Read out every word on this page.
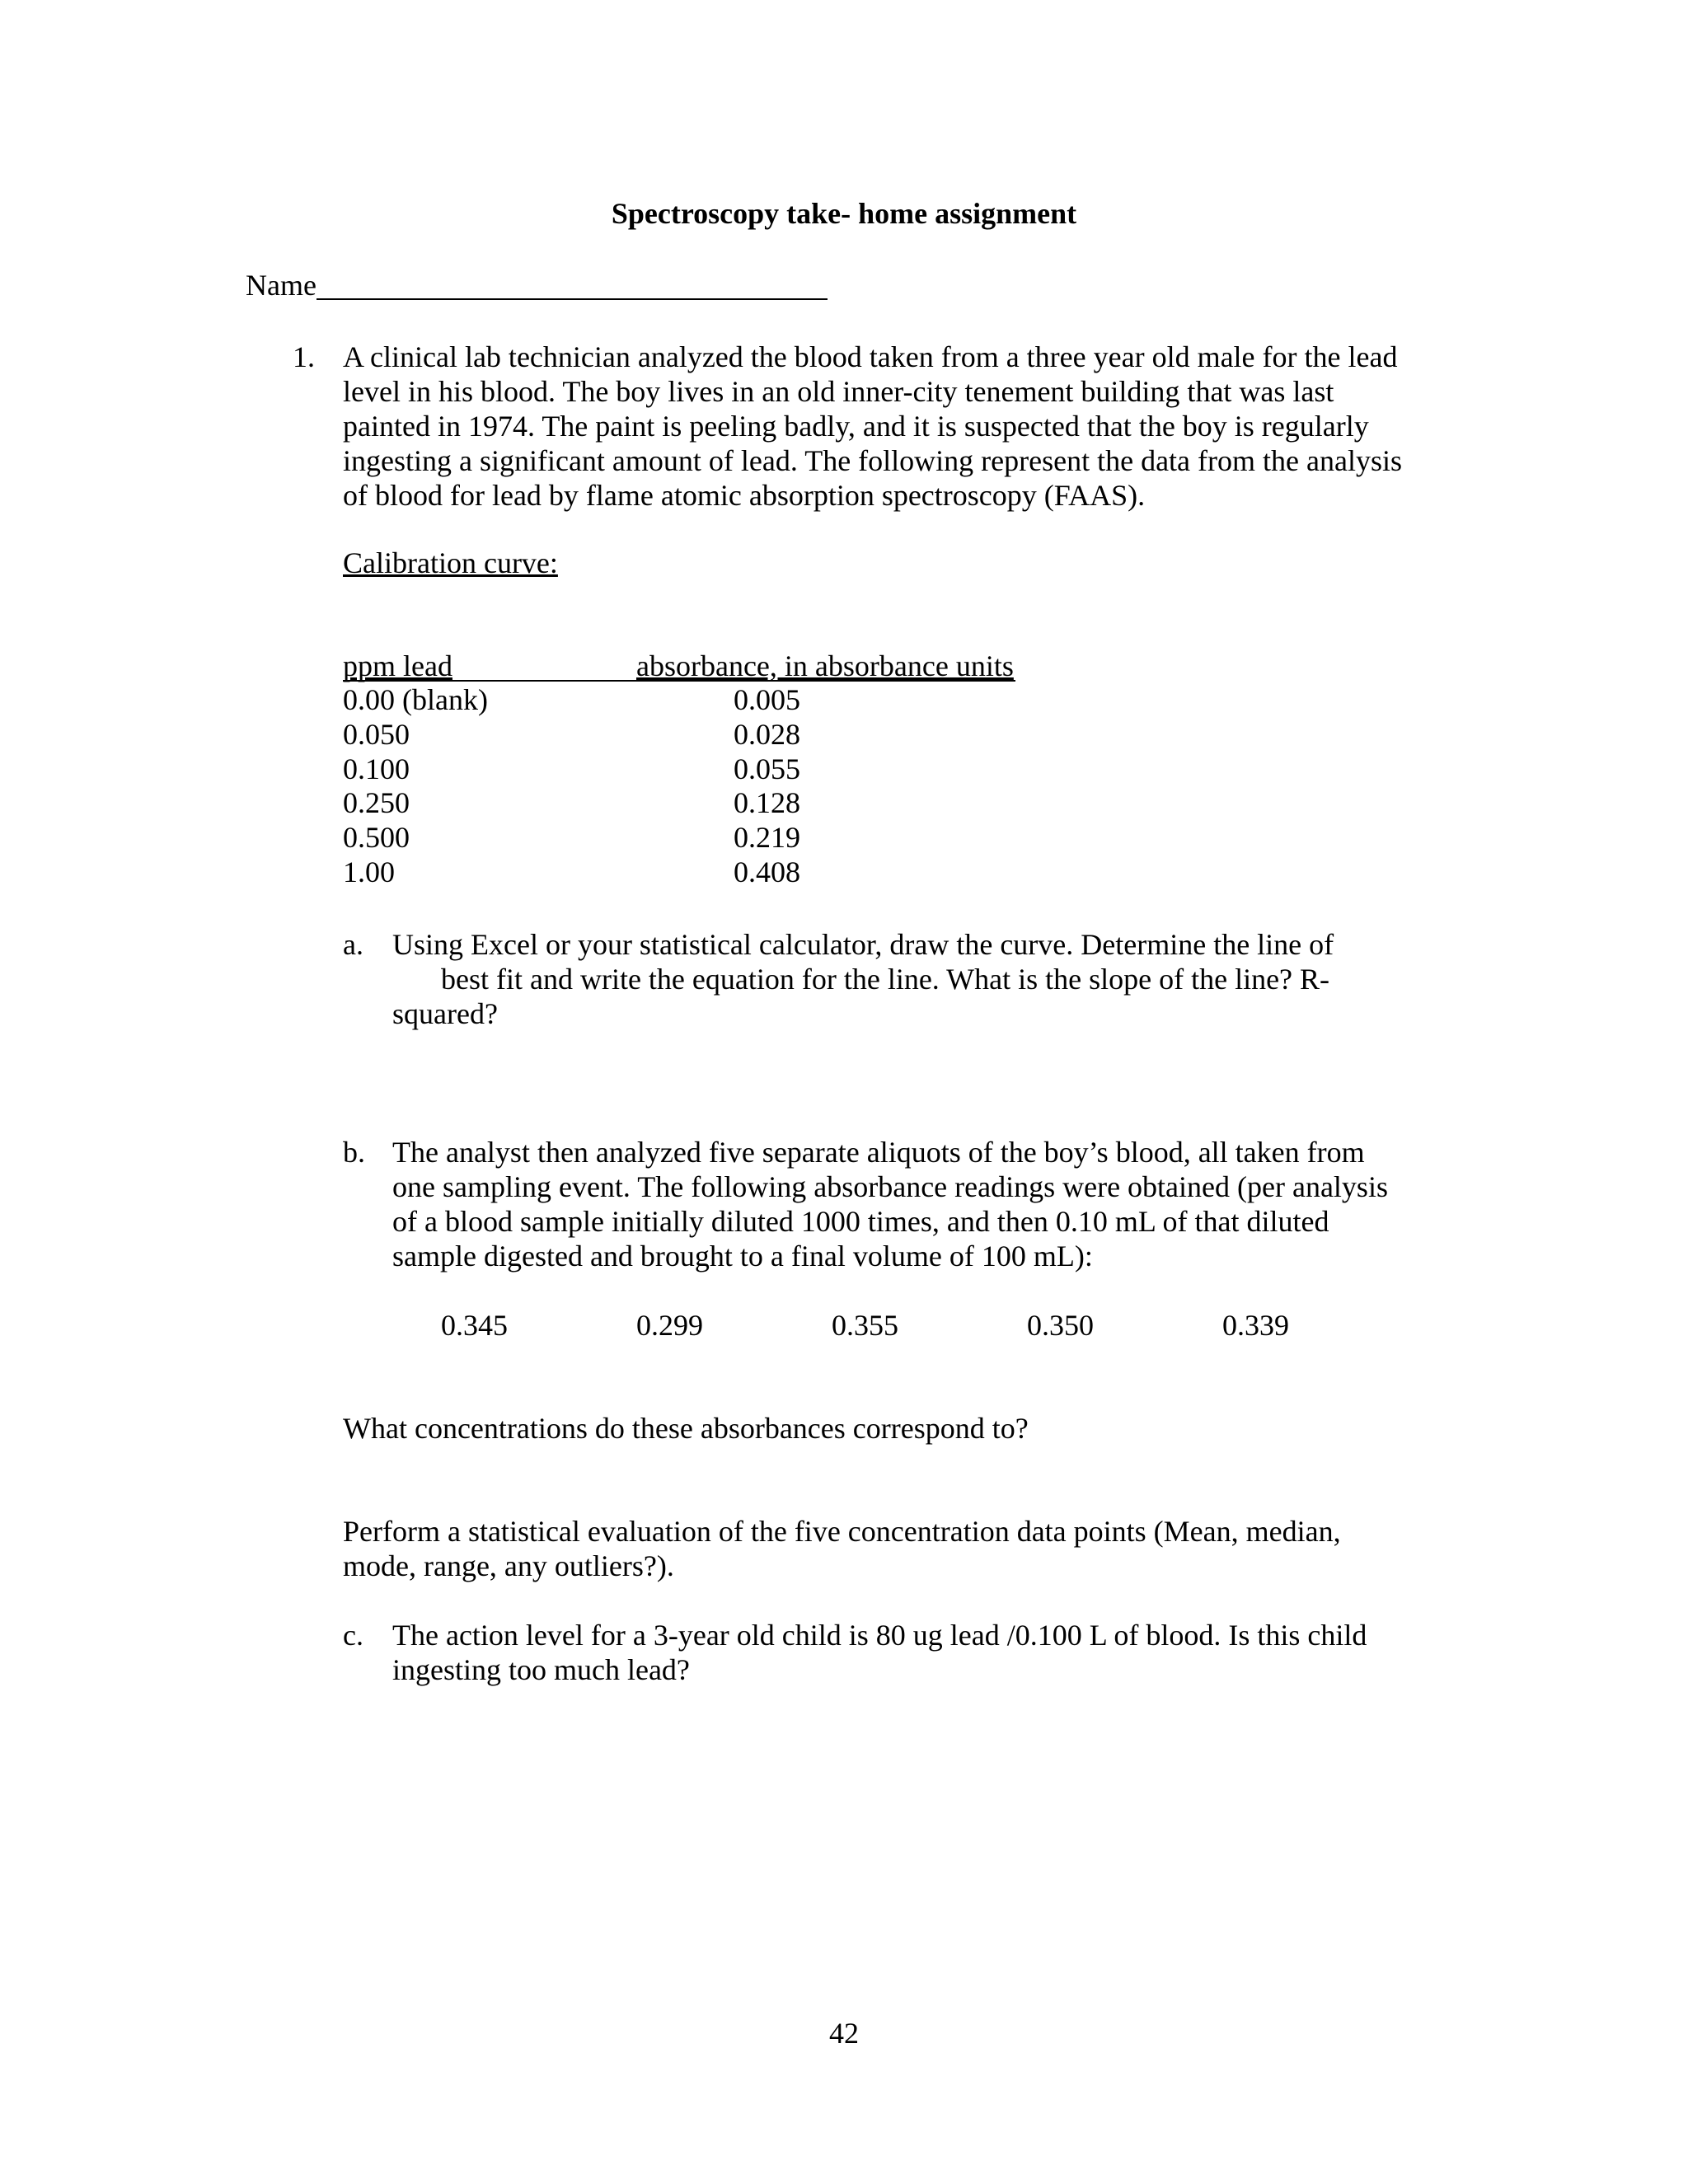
Spectroscopy take- home assignment
Name
1. A clinical lab technician analyzed the blood taken from a three year old male for the lead
level in his blood. The boy lives in an old inner-city tenement building that was last
painted in 1974. The paint is peeling badly, and it is suspected that the boy is regularly
ingesting a significant amount of lead. The following represent the data from the analysis
of blood for lead by flame atomic absorption spectroscopy (FAAS).
Calibration curve:
ppm lead	absorbance, in absorbance units
0.00 (blank)	0.005
0.050	0.028
0.100	0.055
0.250	0.128
0.500	0.219
1.00	0.408
a. Using Excel or your statistical calculator, draw the curve. Determine the line of
best fit and write the equation for the line. What is the slope of the line? R-
squared?
b. The analyst then analyzed five separate aliquots of the boy’s blood, all taken from
one sampling event. The following absorbance readings were obtained (per analysis
of a blood sample initially diluted 1000 times, and then 0.10 mL of that diluted
sample digested and brought to a final volume of 100 mL):
0.345	0.299	0.355	0.350	0.339
What concentrations do these absorbances correspond to?
Perform a statistical evaluation of the five concentration data points (Mean, median,
mode, range, any outliers?).
c. The action level for a 3-year old child is 80 ug lead /0.100 L of blood. Is this child
ingesting too much lead?
42
